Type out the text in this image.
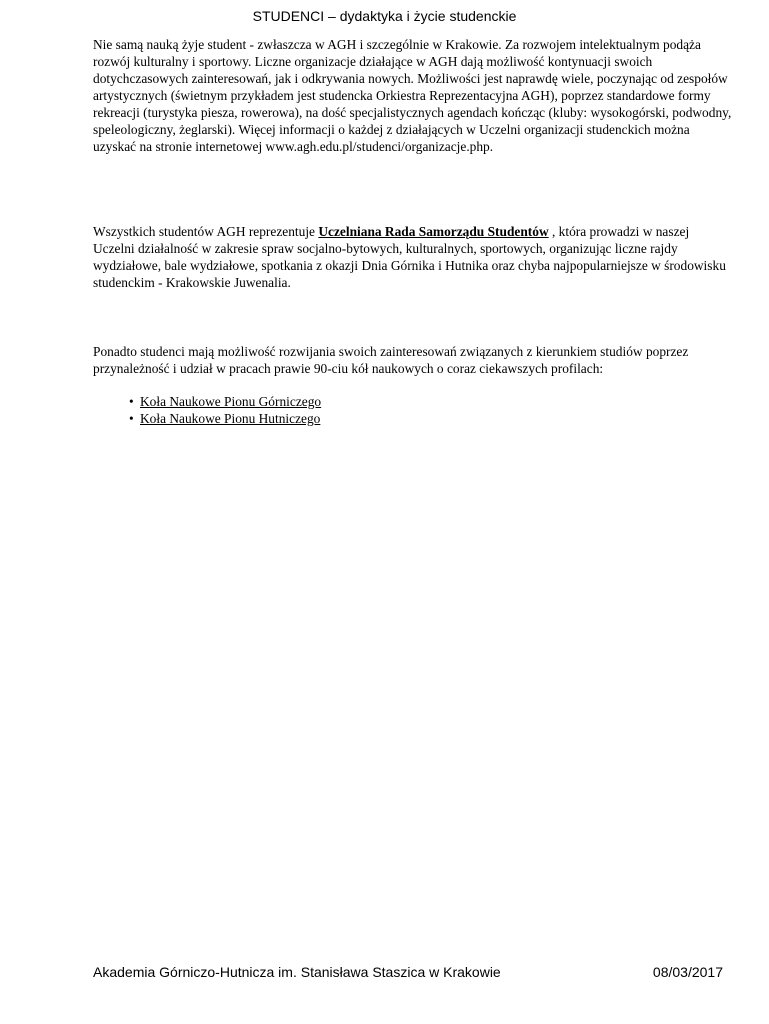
STUDENCI – dydaktyka i życie studenckie

Nie samą nauką żyje student - zwłaszcza w AGH i szczególnie w Krakowie. Za rozwojem intelektualnym podąża rozwój kulturalny i sportowy. Liczne organizacje działające w AGH dają możliwość kontynuacji swoich dotychczasowych zainteresowań, jak i odkrywania nowych. Możliwości jest naprawdę wiele, poczynając od zespołów artystycznych (świetnym przykładem jest studencka Orkiestra Reprezentacyjna AGH), poprzez standardowe formy rekreacji (turystyka piesza, rowerowa), na dość specjalistycznych agendach kończąc (kluby: wysokogórski, podwodny, speleologiczny, żeglarski). Więcej informacji o każdej z działających w Uczelni organizacji studenckich można uzyskać na stronie internetowej www.agh.edu.pl/studenci/organizacje.php.

Wszystkich studentów AGH reprezentuje Uczelniana Rada Samorządu Studentów , która prowadzi w naszej Uczelni działalność w zakresie spraw socjalno-bytowych, kulturalnych, sportowych, organizując liczne rajdy wydziałowe, bale wydziałowe, spotkania z okazji Dnia Górnika i Hutnika oraz chyba najpopularniejsze w środowisku studenckim - Krakowskie Juwenalia.

Ponadto studenci mają możliwość rozwijania swoich zainteresowań związanych z kierunkiem studiów poprzez przynależność i udział w pracach prawie 90-ciu kół naukowych o coraz ciekawszych profilach:

• Koła Naukowe Pionu Górniczego
• Koła Naukowe Pionu Hutniczego
Akademia Górniczo-Hutnicza im. Stanisława Staszica w Krakowie	08/03/2017
